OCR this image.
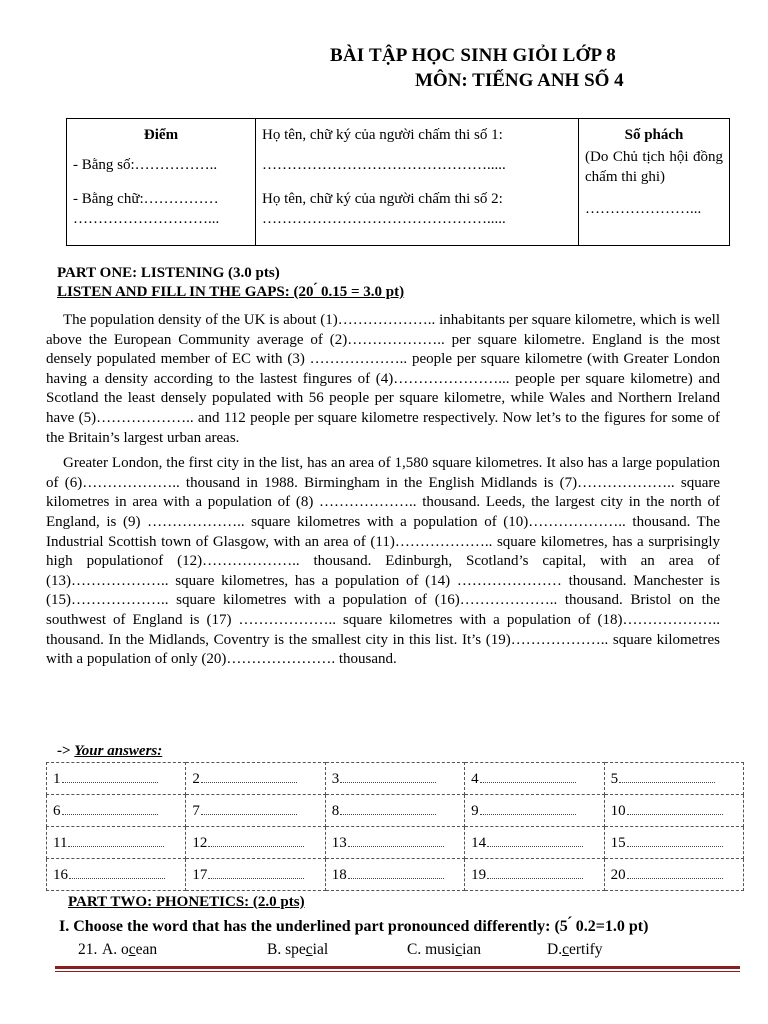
BÀI TẬP HỌC SINH GIỎI LỚP 8
MÔN: TIẾNG ANH SỐ 4

Điểm

- Bằng số:……………..

- Bằng chữ:……………

………………………...

Họ tên, chữ ký của người chấm thi số 1:

……………………………………….....

Họ tên, chữ ký của người chấm thi số 2:

……………………………………….....

Số phách

(Do Chủ tịch hội đồng chấm thi ghi)

…………………...

PART ONE: LISTENING (3.0 pts)
LISTEN AND FILL IN THE GAPS: (20 ́ 0.15 = 3.0 pt)

The population density of the UK is about (1)……………….. inhabitants per square kilometre, which is well above the European Community average of (2)……………….. per square kilometre. England is the most densely populated member of EC with (3) ……………….. people per square kilometre (with Greater London having a density according to the lastest fingures of (4)…………………... people per square kilometre) and Scotland the least densely populated with 56 people per square kilometre, while Wales and Northern Ireland have (5)……………….. and 112 people per square kilometre respectively. Now let’s to the figures for some of the Britain’s largest urban areas.

Greater London, the first city in the list, has an area of 1,580 square kilometres. It also has a large population of (6)……………….. thousand in 1988. Birmingham in the English Midlands is (7)……………….. square kilometres in area with a population of (8) ……………….. thousand. Leeds, the largest city in the north of England, is (9) ……………….. square kilometres with a population of (10)……………….. thousand. The Industrial Scottish town of Glasgow, with an area of (11)……………….. square kilometres, has a surprisingly high populationof (12)……………….. thousand. Edinburgh, Scotland’s capital, with an area of (13)……………….. square kilometres, has a population of (14) ………………… thousand. Manchester is (15)……………….. square kilometres with a population of (16)……………….. thousand. Bristol on the southwest of England is (17) ……………….. square kilometres with a population of (18)……………….. thousand. In the Midlands, Coventry is the smallest city in this list. It’s (19)……………….. square kilometres with a population of only (20)…………………. thousand.

-> Your answers:
1	2	3	4	5
6	7	8	9	10
11	12	13	14	15
16	17	18	19	20
PART TWO: PHONETICS: (2.0 pts)
I. Choose the word that has the underlined part pronounced differently: (5 ́ 0.2=1.0 pt)
21. A. ocean	B. special	C. musician	D.certify
